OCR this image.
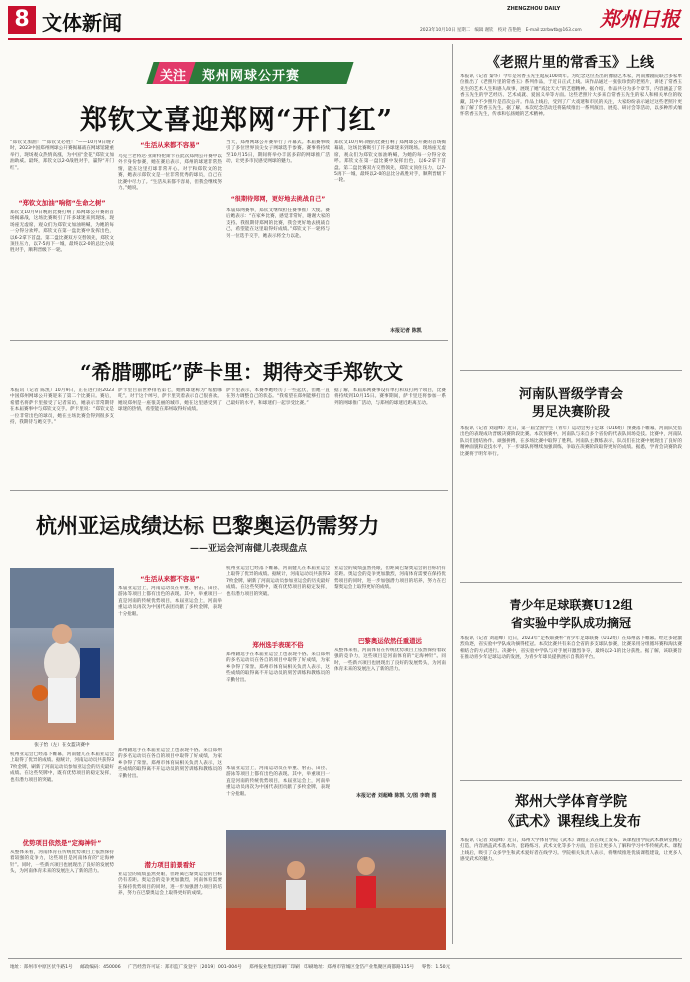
8 文体新闻
ZHENGZHOU DAILY 郑州日报
2023年10月10日 星期二　编辑 谢钦　校对 苗艳艳　E-mail:zzrbwtb@163.com
关注 郑州网球公开赛
郑钦文喜迎郑网“开门红”
“郑钦文加油！”“郑钦文必胜！”——10月9日晚7时，2023中国郑州网球公开赛揭幕战在网球馆隆重举行，现场观众热情高涨，为中国“金花”郑钦文加油助威。最终，郑钦文以2-0战胜对手，赢得“开门红”。
“郑钦文加油”响彻“生命之树”
郑钦文10月9日晚的比赛打响了郑网球公开赛的首场揭幕战，这场比赛吸引了许多球迷来到现场。现场座无虚席，观众们为郑钦文加油呐喊，为她的每一分得分欢呼。郑钦文在第一盘比赛中发挥出色，以6-2拿下首盘。第二盘比赛双方交替领先，郑钦文顶住压力，以7-5再下一城，最终以2-0的总比分战胜对手，顺利晋级下一轮。
“生活从来都不容易”
乌克兰老将达·亚斯特伦斯卡在此次郑网公开赛中以外卡身份参赛，她在赛后表示，郑州的球迷非常热情，能在这里打球非常开心。对于和郑钦文的比赛，她表示郑钦文是一位非常优秀的球员，自己在比赛中尽力了。“生活从来都不容易，但我会继续努力。”她说。
“很期待郑网，更好地去挑战自己”
当天，郑州网球公开赛举行了开幕式。本届赛事吸引了多位世界顶尖女子网球选手参赛。赛事将持续至10月15日，期间将举办丰富多彩的网球推广活动，让更多市民感受网球的魅力。
本届郑网赛事，郑钦文继续担任赛事推广大使。赛后她表示：“在家乡比赛，感觉非常好，谢谢大家的支持。我很期待郑网的比赛，我会更好地去挑战自己，希望能在这里取得好成绩。”郑钦文下一轮将与另一位选手交手，她表示将全力以赴。
郑钦文10月9日晚的比赛打响了郑网球公开赛的首场揭幕战，这场比赛吸引了许多球迷来到现场。现场座无虚席，观众们为郑钦文加油呐喊，为她的每一分得分欢呼。郑钦文在第一盘比赛中发挥出色，以6-2拿下首盘。第二盘比赛双方交替领先，郑钦文顶住压力，以7-5再下一城，最终以2-0的总比分战胜对手，顺利晋级下一轮。
本报记者 陈凯
“希腊哪吒”萨卡里：期待交手郑钦文
本报讯（记者 陈凯）10月9日，正在进行的2023中国郑州网球公开赛迎来了第二个比赛日。赛后，希腊名将萨卡里接受了记者采访，她表示非常期待在本届赛事中与郑钦文交手。萨卡里说：“郑钦文是一位非常出色的球员，她在主场比赛会得到很多支持，我期待与她交手。”
萨卡里目前世界排名第七，她被球迷称为“希腊哪吒”。对于这个绰号，萨卡里笑着表示自己很喜欢。她说郑州是一座很美丽的城市，她在这里感受到了球迷的热情，希望能在郑州取得好成绩。
萨卡里表示，本赛季她经历了一些起伏，但她一直在努力调整自己的状态。“我希望在郑州能够打出自己最好的水平，和球迷们一起享受比赛。”
据了解，本届郑网赛事设有单打和双打两个项目，比赛将持续到10月15日。赛事期间，萨卡里还将参加一系列的网球推广活动，与郑州的球迷近距离互动。
杭州亚运成绩达标 巴黎奥运仍需努力
——亚运会河南健儿表现盘点
张子怡（左）在女篮决赛中
杭州亚运会已经落下帷幕，河南健儿在本届亚运会上取得了优异的成绩。据统计，河南运动员共获得37枚金牌，刷新了河南运动员参加亚运会的历史最好成绩。在这些奖牌中，既有优势项目的稳定发挥，也有潜力项目的突破。
优势项目依然是“定海神针”
从整体来看，河南体育在传统优势项目上依然保持着较强的竞争力，这些项目是河南体育的“定海神针”。同时，一些新兴项目也展现出了良好的发展势头，为河南体育未来的发展注入了新的活力。
“生活从来都不容易”
本届亚运会上，河南运动员在举重、射击、田径、游泳等项目上都有出色的表现。其中，举重项目一直是河南的传统优势项目，本届亚运会上，河南举重运动员再次为中国代表团贡献了多枚金牌，表现十分抢眼。
郑州籍选手在本届亚运会上也表现不俗。来自郑州的多名运动员在各自的项目中取得了好成绩，为家乡争得了荣誉。郑州市体育局相关负责人表示，这些成绩的取得离不开运动员的刻苦训练和教练员的辛勤付出。
潜力项目前景看好
亚运会的成绩虽然亮眼，但距离巴黎奥运会的目标仍有差距。奥运会的竞争更加激烈，河南体育需要在保持优势项目的同时，进一步加强潜力项目的培养，努力在巴黎奥运会上取得更好的成绩。
杭州亚运会已经落下帷幕，河南健儿在本届亚运会上取得了优异的成绩。据统计，河南运动员共获得37枚金牌，刷新了河南运动员参加亚运会的历史最好成绩。在这些奖牌中，既有优势项目的稳定发挥，也有潜力项目的突破。
郑州选手表现不俗
郑州籍选手在本届亚运会上也表现不俗。来自郑州的多名运动员在各自的项目中取得了好成绩，为家乡争得了荣誉。郑州市体育局相关负责人表示，这些成绩的取得离不开运动员的刻苦训练和教练员的辛勤付出。
本届亚运会上，河南运动员在举重、射击、田径、游泳等项目上都有出色的表现。其中，举重项目一直是河南的传统优势项目，本届亚运会上，河南举重运动员再次为中国代表团贡献了多枚金牌，表现十分抢眼。
亚运会的成绩虽然亮眼，但距离巴黎奥运会的目标仍有差距。奥运会的竞争更加激烈，河南体育需要在保持优势项目的同时，进一步加强潜力项目的培养，努力在巴黎奥运会上取得更好的成绩。
巴黎奥运依然任重道远
从整体来看，河南体育在传统优势项目上依然保持着较强的竞争力，这些项目是河南体育的“定海神针”。同时，一些新兴项目也展现出了良好的发展势头，为河南体育未来的发展注入了新的活力。
本报记者 刘超峰 陈凯 文/图 李晓 图
《老照片里的常香玉》上线
本报讯（记者 秦华）今年是常香玉先生诞辰100周年。为纪念这位杰出的豫剧艺术家，河南豫剧院联合多家单位推出了《老照片里的常香玉》系列作品，于近日正式上线。该作品通过一张张珍贵的老照片，讲述了常香玉先生的艺术人生和感人故事，展现了她“戏比天大”的艺德精神。据介绍，作品共分为多个章节，内容涵盖了常香玉先生的学艺经历、艺术成就、爱国义举等方面。这些老照片大多来自常香玉先生的家人和相关单位的收藏，其中不少照片是首次公开。作品上线后，受到了广大戏迷和市民的关注，大家纷纷表示通过这些老照片更加了解了常香玉先生。据了解，本次纪念活动还将陆续推出一系列演出、展览、研讨会等活动，以多种形式缅怀常香玉先生，传承和弘扬她的艺术精神。
河南队晋级学青会
男足决赛阶段
本报讯（记者 刘超峰）近日，第一届全国学生（青年）运动会男子足球（U16组）预赛落下帷幕，河南队凭借出色的表现成功晋级决赛阶段比赛。本次预赛中，河南队与来自多个省份的代表队同场竞技。比赛中，河南队队员们团结协作、顽强拼搏，在多场比赛中取得了胜利。河南队主教练表示，队员们在比赛中展现出了良好的精神面貌和竞技水平，下一步球队将继续加强训练，争取在决赛阶段取得更好的成绩。据悉，学青会决赛阶段比赛将于明年举行。
青少年足球联赛U12组
省实验中学队成功摘冠
本报讯（记者 刘超峰）近日，2023年“足校联赛杯”青少年足球联赛（U12组）在郑州落下帷幕。经过多轮激烈角逐，省实验中学队成功摘得桂冠。本次比赛共有来自全省的多支球队参赛，比赛采用分组循环赛和淘汰赛相结合的方式进行。决赛中，省实验中学队与对手展开激烈争夺，最终以2-1的比分获胜。据了解，该联赛旨在推动青少年足球运动的发展，为青少年球员提供展示自我的平台。
郑州大学体育学院
《武术》课程线上发布
本报讯（记者 刘超峰）近日，郑州大学体育学院《武术》课程正式在线上发布。该课程由学院武术教研室精心打造，内容涵盖武术基本功、套路练习、武术文化等多个方面，旨在让更多人了解和学习中华传统武术。课程上线后，吸引了众多学生和武术爱好者在线学习。学院相关负责人表示，将继续推进优质课程建设，让更多人感受武术的魅力。
地址：郑州市中原区伏牛路1号 邮政编码：450006 广告经营许可证：郑市监广发登字〔2019〕001-004号 郑州报业集团印刷厂印刷　印刷地址：郑州市管城区金岱产业集聚区商都路115号 零售：1.50元
